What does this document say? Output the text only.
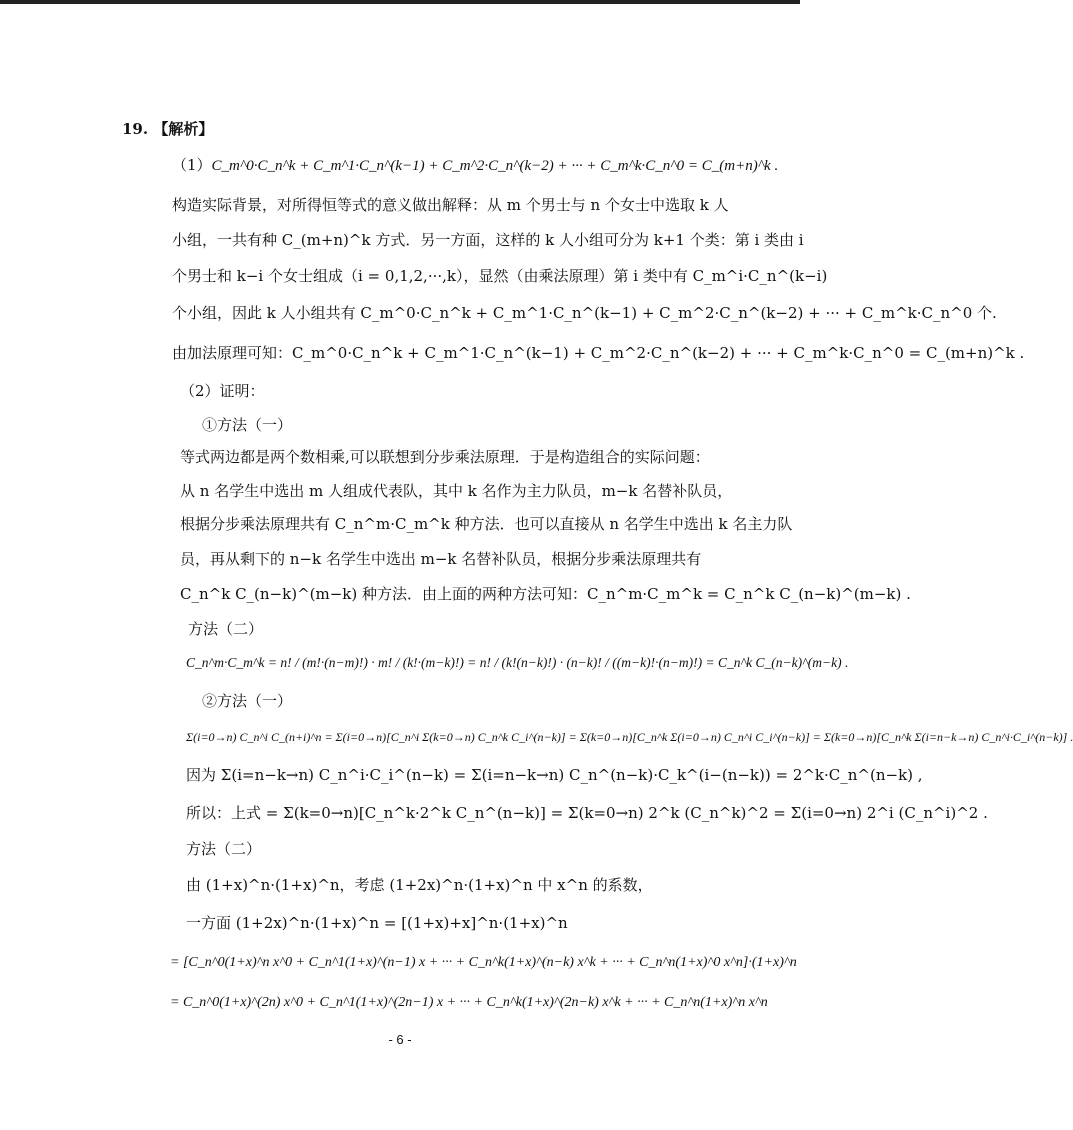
19. 【解析】
（1）C_m^0·C_n^k + C_m^1·C_n^(k−1) + C_m^2·C_n^(k−2) + ··· + C_m^k·C_n^0 = C_(m+n)^k .
构造实际背景，对所得恒等式的意义做出解释：从 m 个男士与 n 个女士中选取 k 人
小组，一共有种 C_(m+n)^k 方式．另一方面，这样的 k 人小组可分为 k+1 个类：第 i 类由 i
个男士和 k−i 个女士组成（i = 0,1,2,···,k），显然（由乘法原理）第 i 类中有 C_m^i·C_n^(k−i)
个小组，因此 k 人小组共有 C_m^0·C_n^k + C_m^1·C_n^(k−1) + C_m^2·C_n^(k−2) + ··· + C_m^k·C_n^0 个.
由加法原理可知：C_m^0·C_n^k + C_m^1·C_n^(k−1) + C_m^2·C_n^(k−2) + ··· + C_m^k·C_n^0 = C_(m+n)^k .
（2）证明：
①方法（一）
等式两边都是两个数相乘,可以联想到分步乘法原理．于是构造组合的实际问题：
从 n 名学生中选出 m 人组成代表队，其中 k 名作为主力队员，m−k 名替补队员，
根据分步乘法原理共有 C_n^m·C_m^k 种方法．也可以直接从 n 名学生中选出 k 名主力队
员，再从剩下的 n−k 名学生中选出 m−k 名替补队员，根据分步乘法原理共有
C_n^k C_(n−k)^(m−k) 种方法．由上面的两种方法可知：C_n^m·C_m^k = C_n^k C_(n−k)^(m−k) .
方法（二）
C_n^m·C_m^k = n! / (m!·(n−m)!) · m! / (k!·(m−k)!) = n! / (k!(n−k)!) · (n−k)! / ((m−k)!·(n−m)!) = C_n^k C_(n−k)^(m−k) .
②方法（一）
Σ(i=0→n) C_n^i C_(n+i)^n = Σ(i=0→n)[C_n^i Σ(k=0→n) C_n^k C_i^(n−k)] = Σ(k=0→n)[C_n^k Σ(i=0→n) C_n^i C_i^(n−k)] = Σ(k=0→n)[C_n^k Σ(i=n−k→n) C_n^i·C_i^(n−k)] .
因为 Σ(i=n−k→n) C_n^i·C_i^(n−k) = Σ(i=n−k→n) C_n^(n−k)·C_k^(i−(n−k)) = 2^k·C_n^(n−k) ,
所以：上式 = Σ(k=0→n)[C_n^k·2^k C_n^(n−k)] = Σ(k=0→n) 2^k (C_n^k)^2 = Σ(i=0→n) 2^i (C_n^i)^2 .
方法（二）
由 (1+x)^n·(1+x)^n，考虑 (1+2x)^n·(1+x)^n 中 x^n 的系数，
一方面 (1+2x)^n·(1+x)^n = [(1+x)+x]^n·(1+x)^n
= [C_n^0(1+x)^n x^0 + C_n^1(1+x)^(n−1) x + ··· + C_n^k(1+x)^(n−k) x^k + ··· + C_n^n(1+x)^0 x^n]·(1+x)^n
= C_n^0(1+x)^(2n) x^0 + C_n^1(1+x)^(2n−1) x + ··· + C_n^k(1+x)^(2n−k) x^k + ··· + C_n^n(1+x)^n x^n
- 6 -
